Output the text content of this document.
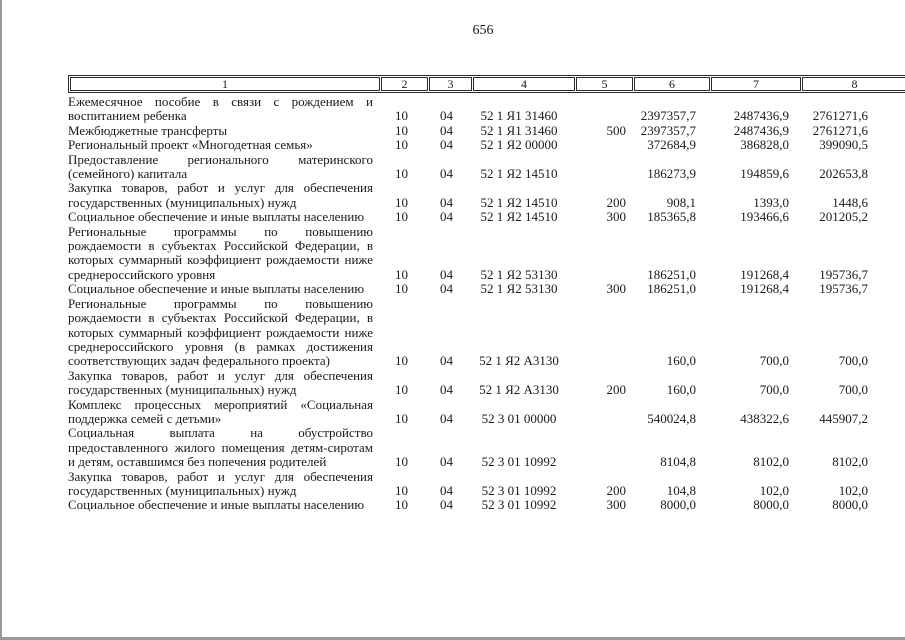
656
1	2	3	4	5	6	7	8
Ежемесячное пособие в связи с рождением и воспитанием ребенка	10	04	52 1 Я1 31460		2397357,7	2487436,9	2761271,6
Межбюджетные трансферты	10	04	52 1 Я1 31460	500	2397357,7	2487436,9	2761271,6
Региональный проект «Многодетная семья»	10	04	52 1 Я2 00000		372684,9	386828,0	399090,5
Предоставление регионального материнского (семейного) капитала	10	04	52 1 Я2 14510		186273,9	194859,6	202653,8
Закупка товаров, работ и услуг для обеспечения государственных (муниципальных) нужд	10	04	52 1 Я2 14510	200	908,1	1393,0	1448,6
Социальное обеспечение и иные выплаты населению	10	04	52 1 Я2 14510	300	185365,8	193466,6	201205,2
Региональные программы по повышению рождаемости в субъектах Российской Федерации, в которых суммарный коэффициент рождаемости ниже среднероссийского уровня	10	04	52 1 Я2 53130		186251,0	191268,4	195736,7
Социальное обеспечение и иные выплаты населению	10	04	52 1 Я2 53130	300	186251,0	191268,4	195736,7
Региональные программы по повышению рождаемости в субъектах Российской Федерации, в которых суммарный коэффициент рождаемости ниже среднероссийского уровня (в рамках достижения соответствующих задач федерального проекта)	10	04	52 1 Я2 А3130		160,0	700,0	700,0
Закупка товаров, работ и услуг для обеспечения государственных (муниципальных) нужд	10	04	52 1 Я2 А3130	200	160,0	700,0	700,0
Комплекс процессных мероприятий «Социальная поддержка семей с детьми»	10	04	52 3 01 00000		540024,8	438322,6	445907,2
Социальная выплата на обустройство предоставленного жилого помещения детям-сиротам и детям, оставшимся без попечения родителей	10	04	52 3 01 10992		8104,8	8102,0	8102,0
Закупка товаров, работ и услуг для обеспечения государственных (муниципальных) нужд	10	04	52 3 01 10992	200	104,8	102,0	102,0
Социальное обеспечение и иные выплаты населению	10	04	52 3 01 10992	300	8000,0	8000,0	8000,0
